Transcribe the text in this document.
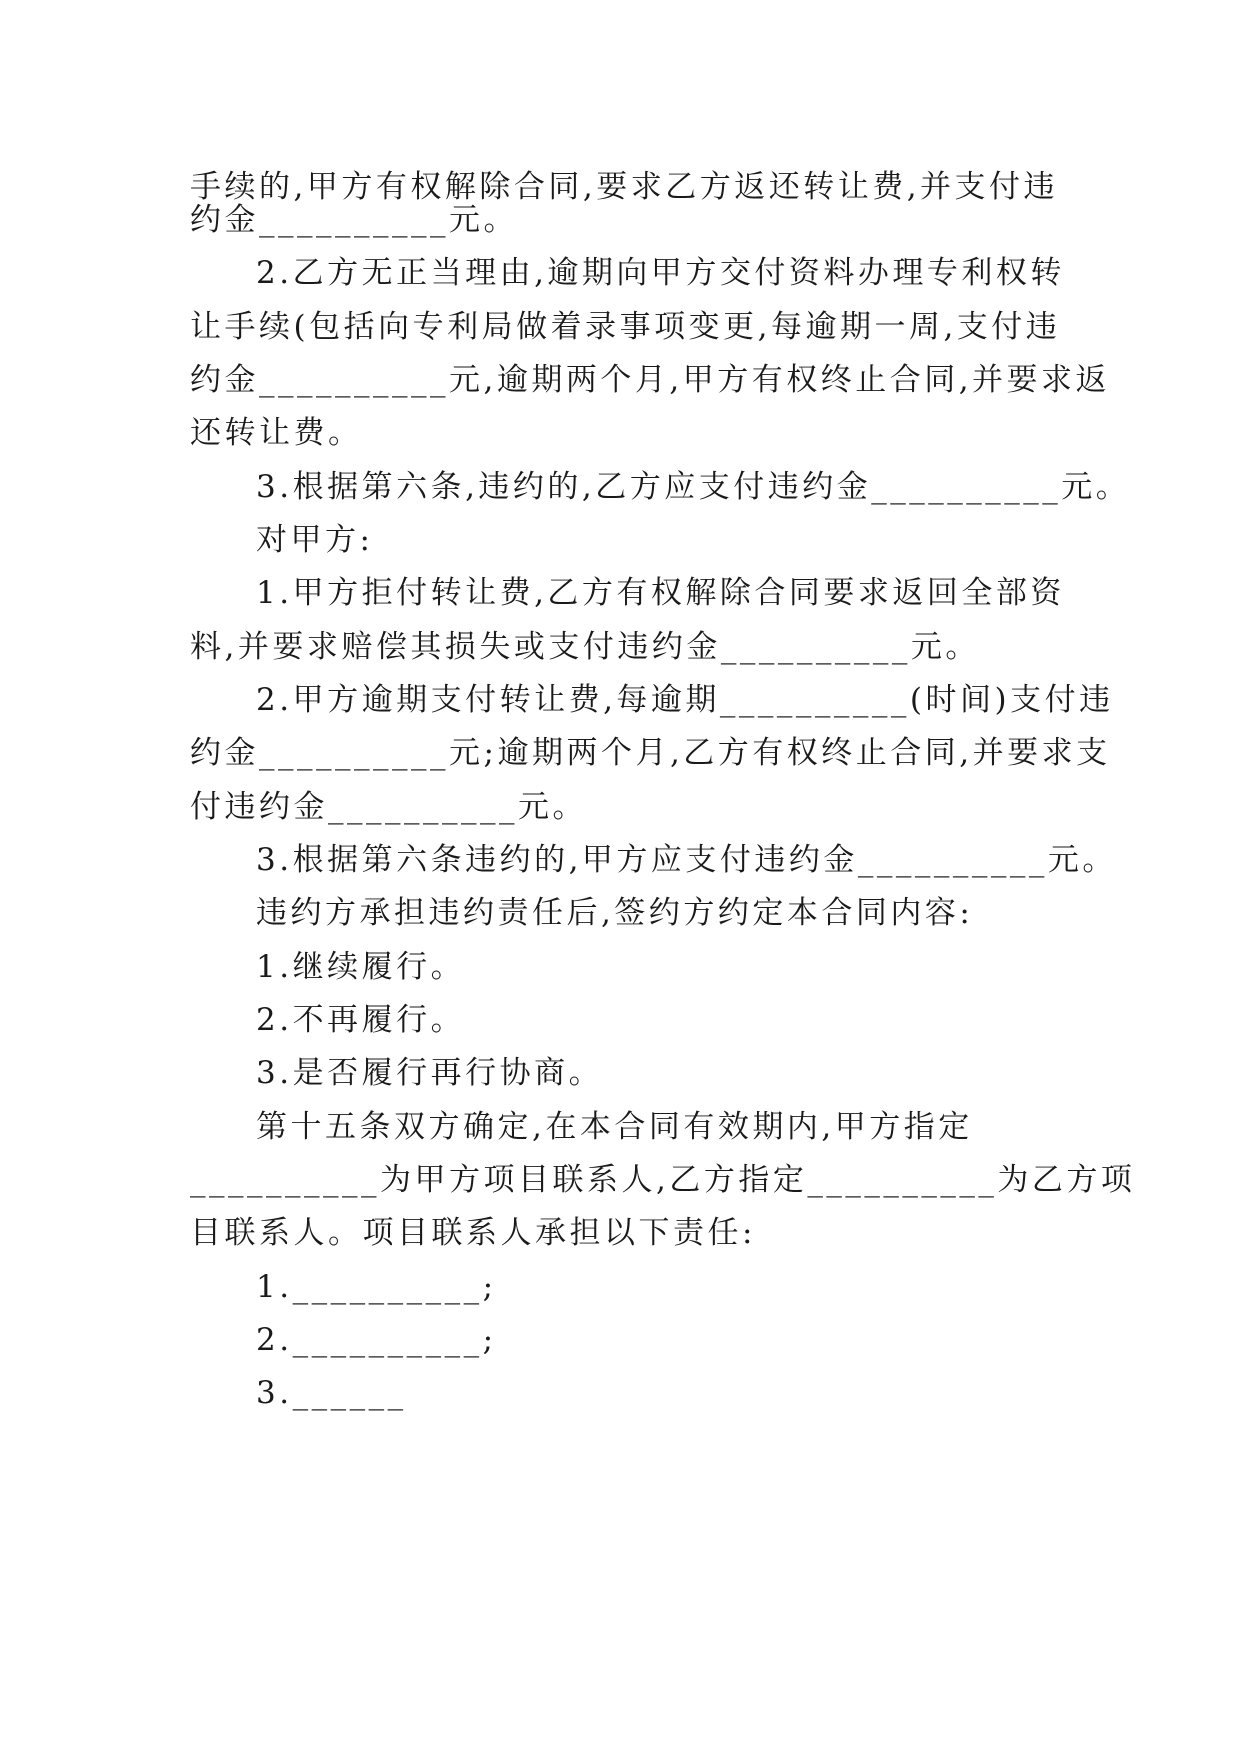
手续的,甲方有权解除合同,要求乙方返还转让费,并支付违
约金__________元。
2.乙方无正当理由,逾期向甲方交付资料办理专利权转
让手续(包括向专利局做着录事项变更,每逾期一周,支付违
约金__________元,逾期两个月,甲方有权终止合同,并要求返
还转让费。
3.根据第六条,违约的,乙方应支付违约金__________元。
对甲方:
1.甲方拒付转让费,乙方有权解除合同要求返回全部资
料,并要求赔偿其损失或支付违约金__________元。
2.甲方逾期支付转让费,每逾期__________(时间)支付违
约金__________元;逾期两个月,乙方有权终止合同,并要求支
付违约金__________元。
3.根据第六条违约的,甲方应支付违约金__________元。
违约方承担违约责任后,签约方约定本合同内容:
1.继续履行。
2.不再履行。
3.是否履行再行协商。
第十五条双方确定,在本合同有效期内,甲方指定
__________为甲方项目联系人,乙方指定__________为乙方项
目联系人。项目联系人承担以下责任:
1.__________;
2.__________;
3.______
